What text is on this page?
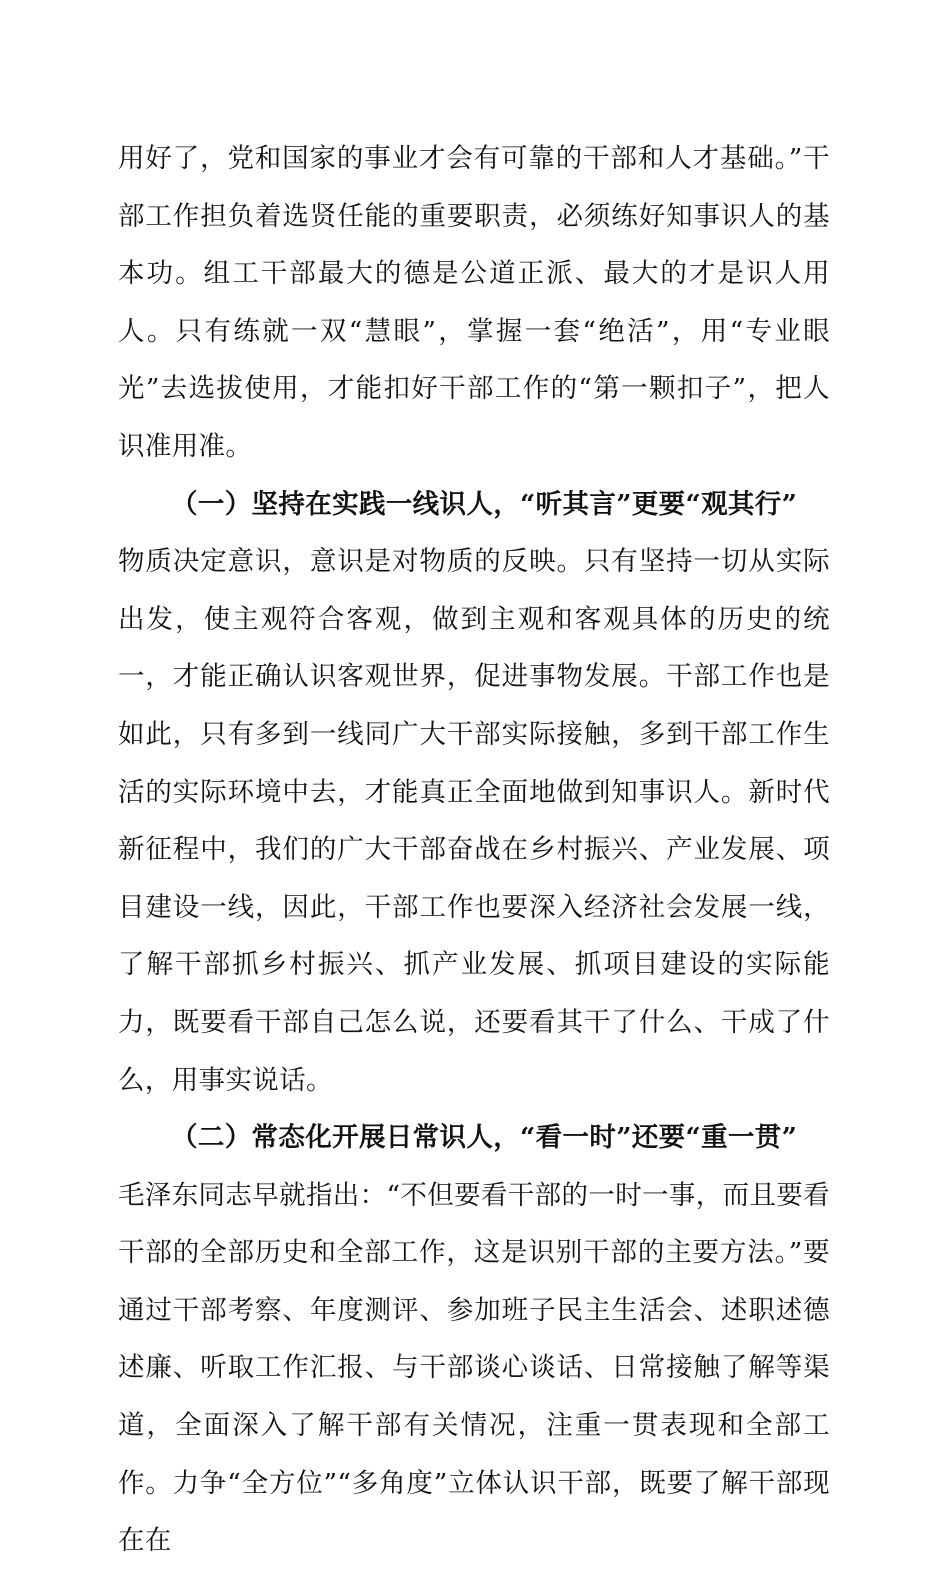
用好了，党和国家的事业才会有可靠的干部和人才基础。”干部工作担负着选贤任能的重要职责，必须练好知事识人的基本功。组工干部最大的德是公道正派、最大的才是识人用人。只有练就一双“慧眼”，掌握一套“绝活”，用“专业眼光”去选拔使用，才能扣好干部工作的“第一颗扣子”，把人识准用准。

（一）坚持在实践一线识人，“听其言”更要“观其行”

物质决定意识，意识是对物质的反映。只有坚持一切从实际出发，使主观符合客观，做到主观和客观具体的历史的统一，才能正确认识客观世界，促进事物发展。干部工作也是如此，只有多到一线同广大干部实际接触，多到干部工作生活的实际环境中去，才能真正全面地做到知事识人。新时代新征程中，我们的广大干部奋战在乡村振兴、产业发展、项目建设一线，因此，干部工作也要深入经济社会发展一线，了解干部抓乡村振兴、抓产业发展、抓项目建设的实际能力，既要看干部自己怎么说，还要看其干了什么、干成了什么，用事实说话。

（二）常态化开展日常识人，“看一时”还要“重一贯”

毛泽东同志早就指出：“不但要看干部的一时一事，而且要看干部的全部历史和全部工作，这是识别干部的主要方法。”要通过干部考察、年度测评、参加班子民主生活会、述职述德述廉、听取工作汇报、与干部谈心谈话、日常接触了解等渠道，全面深入了解干部有关情况，注重一贯表现和全部工作。力争“全方位”“多角度”立体认识干部，既要了解干部现在在
